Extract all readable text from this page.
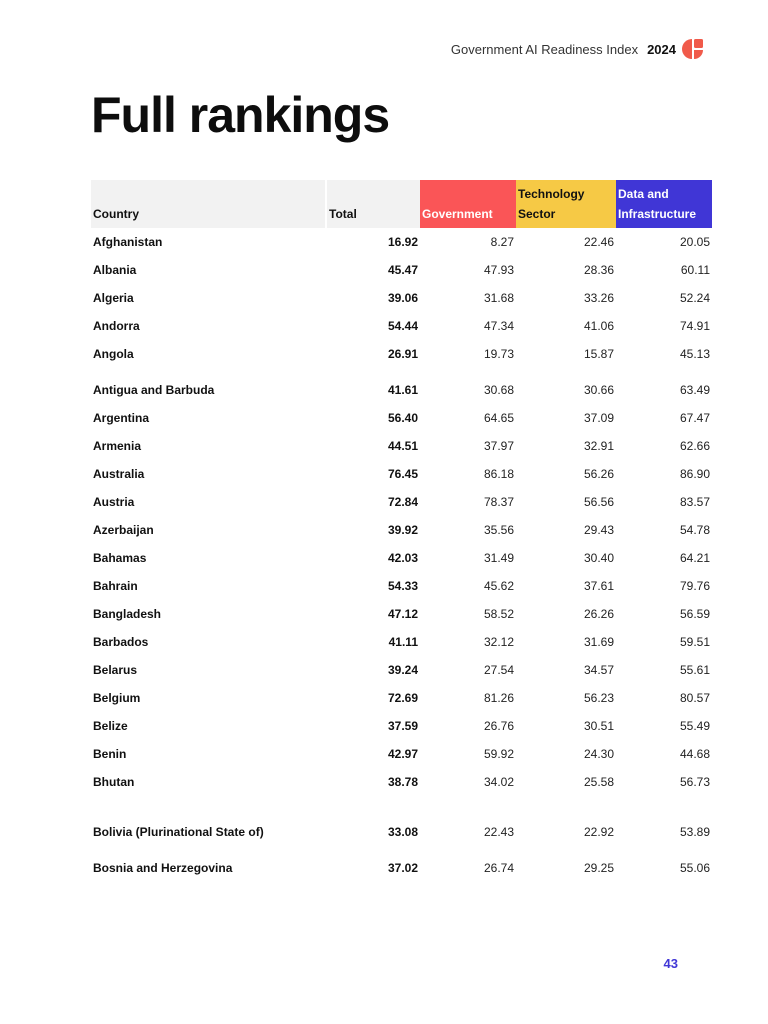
Government AI Readiness Index 2024
Full rankings
Country	Total	Government	Technology Sector	Data and Infrastructure
Afghanistan	16.92	8.27	22.46	20.05
Albania	45.47	47.93	28.36	60.11
Algeria	39.06	31.68	33.26	52.24
Andorra	54.44	47.34	41.06	74.91
Angola	26.91	19.73	15.87	45.13
Antigua and Barbuda	41.61	30.68	30.66	63.49
Argentina	56.40	64.65	37.09	67.47
Armenia	44.51	37.97	32.91	62.66
Australia	76.45	86.18	56.26	86.90
Austria	72.84	78.37	56.56	83.57
Azerbaijan	39.92	35.56	29.43	54.78
Bahamas	42.03	31.49	30.40	64.21
Bahrain	54.33	45.62	37.61	79.76
Bangladesh	47.12	58.52	26.26	56.59
Barbados	41.11	32.12	31.69	59.51
Belarus	39.24	27.54	34.57	55.61
Belgium	72.69	81.26	56.23	80.57
Belize	37.59	26.76	30.51	55.49
Benin	42.97	59.92	24.30	44.68
Bhutan	38.78	34.02	25.58	56.73
Bolivia (Plurinational State of)	33.08	22.43	22.92	53.89
Bosnia and Herzegovina	37.02	26.74	29.25	55.06
43
